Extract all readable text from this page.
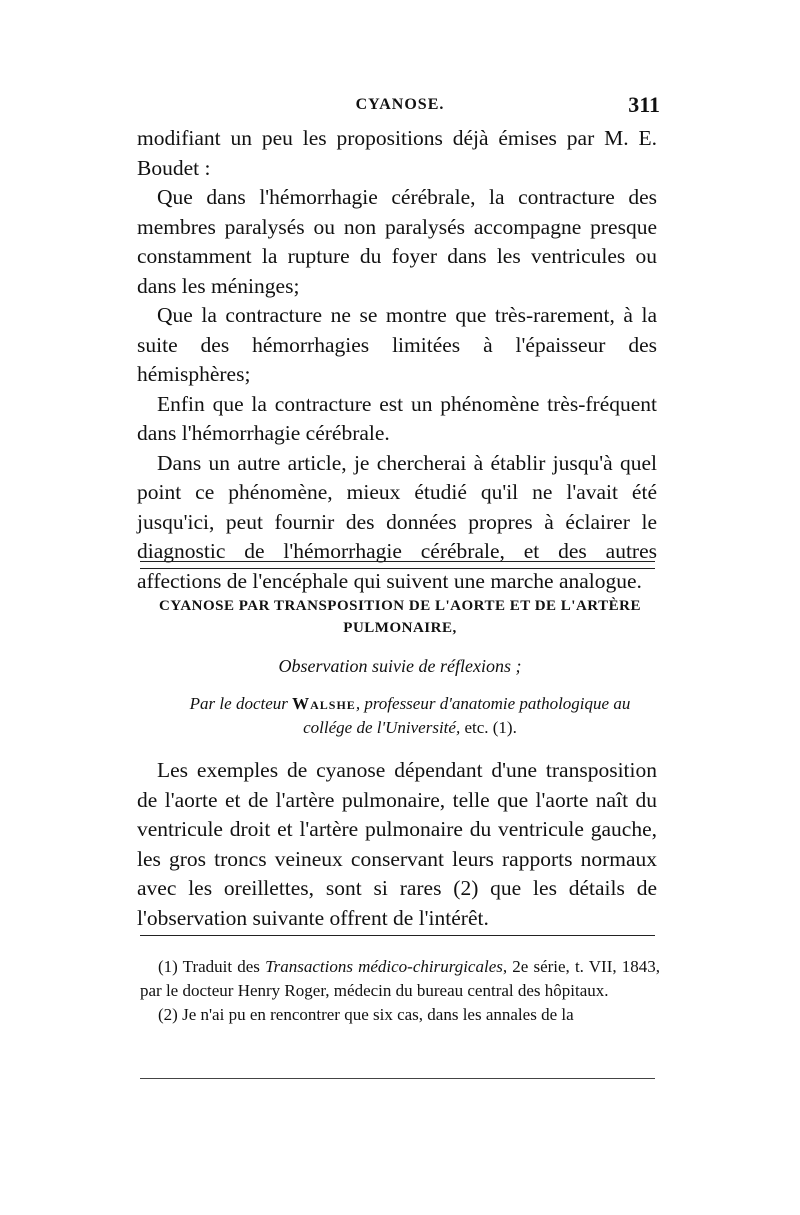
CYANOSE.	311

modifiant un peu les propositions déjà émises par M. E. Boudet :

Que dans l'hémorrhagie cérébrale, la contracture des membres paralysés ou non paralysés accompagne presque constamment la rupture du foyer dans les ventricules ou dans les méninges;

Que la contracture ne se montre que très-rarement, à la suite des hémorrhagies limitées à l'épaisseur des hémisphères;

Enfin que la contracture est un phénomène très-fréquent dans l'hémorrhagie cérébrale.

Dans un autre article, je chercherai à établir jusqu'à quel point ce phénomène, mieux étudié qu'il ne l'avait été jusqu'ici, peut fournir des données propres à éclairer le diagnostic de l'hémorrhagie cérébrale, et des autres affections de l'encéphale qui suivent une marche analogue.

CYANOSE PAR TRANSPOSITION DE L'AORTE ET DE L'ARTÈRE PULMONAIRE,
Observation suivie de réflexions ;
Par le docteur Walshe, professeur d'anatomie pathologique au collége de l'Université, etc. (1).

Les exemples de cyanose dépendant d'une transposition de l'aorte et de l'artère pulmonaire, telle que l'aorte naît du ventricule droit et l'artère pulmonaire du ventricule gauche, les gros troncs veineux conservant leurs rapports normaux avec les oreillettes, sont si rares (2) que les détails de l'observation suivante offrent de l'intérêt.

(1) Traduit des Transactions médico-chirurgicales, 2e série, t. VII, 1843, par le docteur Henry Roger, médecin du bureau central des hôpitaux.

(2) Je n'ai pu en rencontrer que six cas, dans les annales de la
